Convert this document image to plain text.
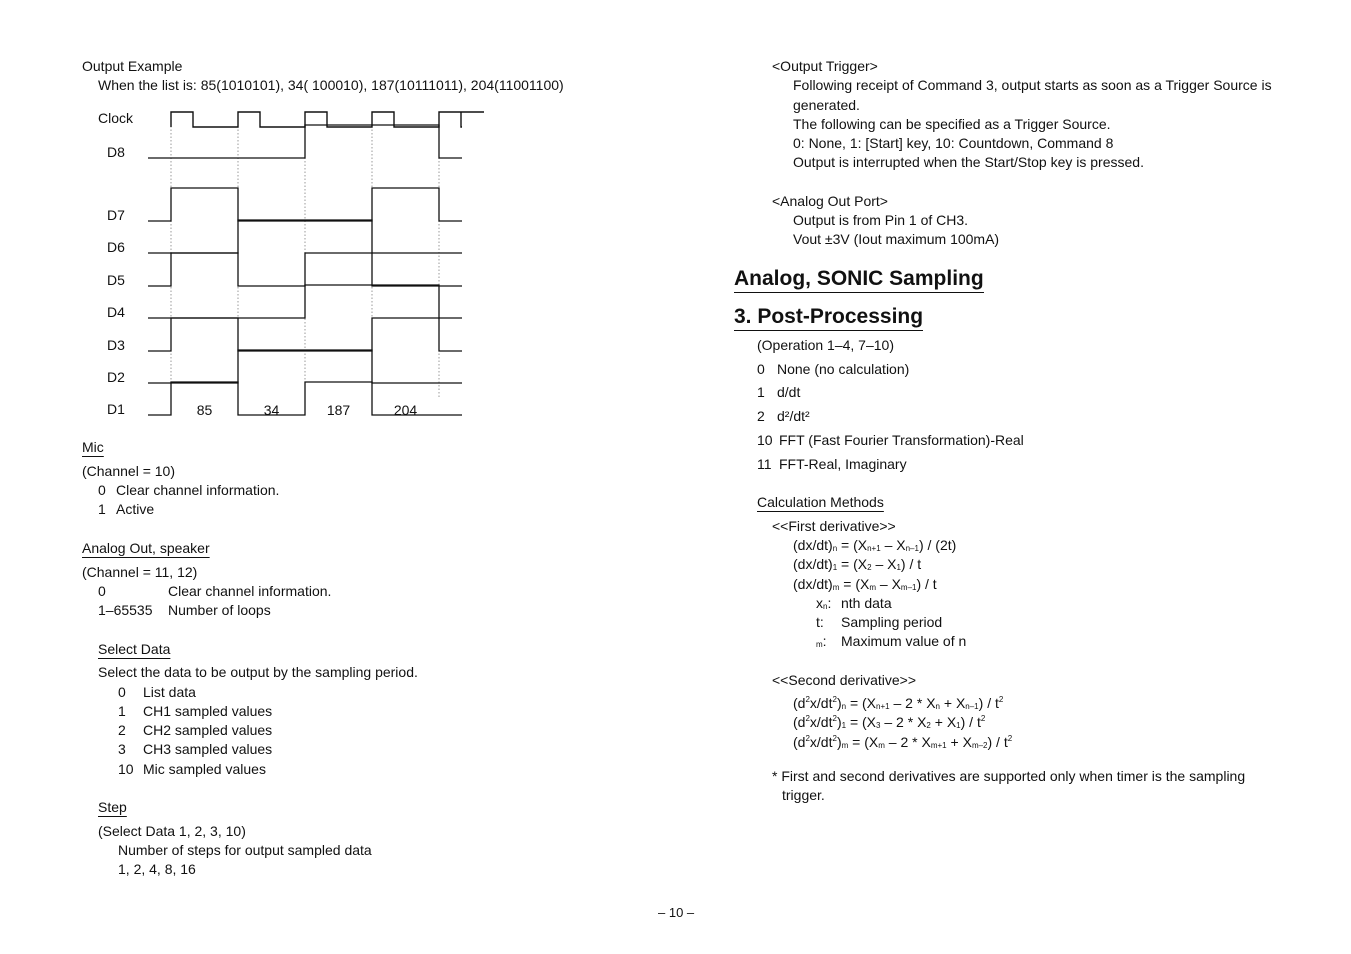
Output Example
When the list is: 85(1010101), 34( 100010), 187(10111011), 204(11001100)
Clock
D8
D7
D6
D5
D4
D3
D2
D1	85	34	187	204
Mic
(Channel = 10)
0 Clear channel information.
1 Active
Analog Out, speaker
(Channel = 11, 12)
0	Clear channel information.
1–65535 Number of loops
Select Data
Select the data to be output by the sampling period.
0 List data
1 CH1 sampled values
2 CH2 sampled values
3 CH3 sampled values
10 Mic sampled values
Step
(Select Data 1, 2, 3, 10)
Number of steps for output sampled data
1, 2, 4, 8, 16
<Output Trigger>
Following receipt of Command 3, output starts as soon as a Trigger Source is
generated.
The following can be specified as a Trigger Source.
0: None, 1: [Start] key, 10: Countdown, Command 8
Output is interrupted when the Start/Stop key is pressed.
<Analog Out Port>
Output is from Pin 1 of CH3.
Vout ±3V (Iout maximum 100mA)
Analog, SONIC Sampling
3. Post-Processing
(Operation 1–4, 7–10)
0 None (no calculation)
1 d/dt
2 d²/dt²
10 FFT (Fast Fourier Transformation)-Real
11 FFT-Real, Imaginary
Calculation Methods
<<First derivative>>
$(dx/dt)_n = (X_{n+1} - X_{n-1}) / (2t)$
$(dx/dt)_1 = (X_2 - X_1) / t$
$(dx/dt)_m = (X_m - X_{m-1}) / t$
$x_n$: nth data
t: Sampling period
$_m$: Maximum value of n
<<Second derivative>>
$(d^2x/dt^2)_n = (X_{n+1} - 2 * X_n + X_{n-1}) / t^2$
$(d^2x/dt^2)_1 = (X_3 - 2 * X_2 + X_1) / t^2$
$(d^2x/dt^2)_m = (X_m - 2 * X_{m+1} + X_{m-2}) / t^2$
* First and second derivatives are supported only when timer is the sampling
trigger.
– 10 –
